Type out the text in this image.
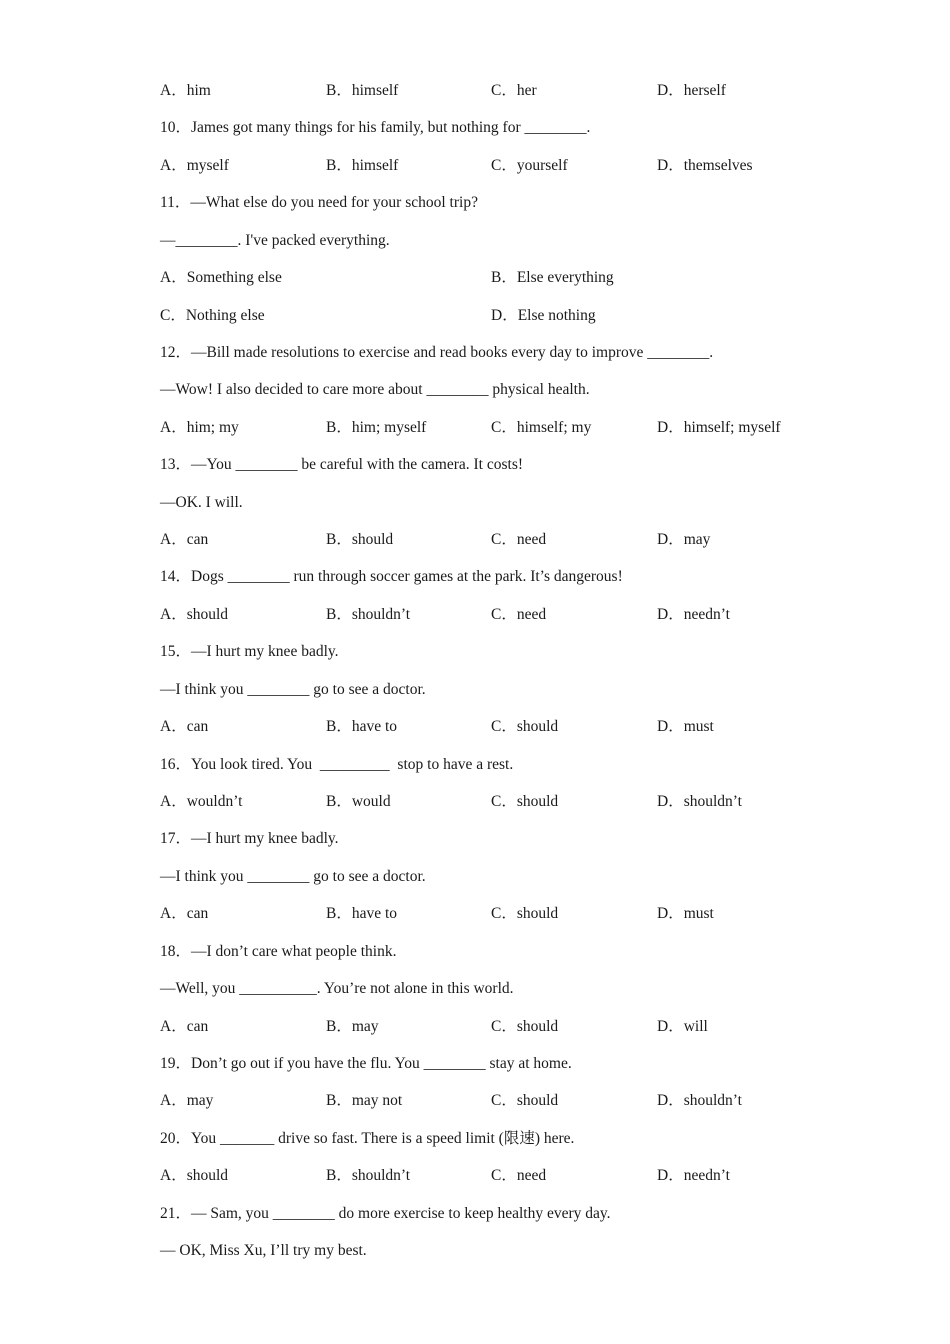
A．him	B．himself	C．her	D．herself
10．James got many things for his family, but nothing for ________.
A．myself	B．himself	C．yourself	D．themselves
11．—What else do you need for your school trip?
—________. I've packed everything.
A．Something else	B．Else everything
C．Nothing else	D．Else nothing
12．—Bill made resolutions to exercise and read books every day to improve ________.
—Wow! I also decided to care more about ________ physical health.
A．him; my	B．him; myself	C．himself; my	D．himself; myself
13．—You ________ be careful with the camera. It costs!
—OK. I will.
A．can	B．should	C．need	D．may
14．Dogs ________ run through soccer games at the park. It’s dangerous!
A．should	B．shouldn’t	C．need	D．needn’t
15．—I hurt my knee badly.
—I think you ________ go to see a doctor.
A．can	B．have to	C．should	D．must
16．You look tired. You  _________  stop to have a rest.
A．wouldn’t	B．would	C．should	D．shouldn’t
17．—I hurt my knee badly.
—I think you ________ go to see a doctor.
A．can	B．have to	C．should	D．must
18．—I don’t care what people think.
—Well, you __________. You’re not alone in this world.
A．can	B．may	C．should	D．will
19．Don’t go out if you have the flu. You ________ stay at home.
A．may	B．may not	C．should	D．shouldn’t
20．You _______ drive so fast. There is a speed limit (限速) here.
A．should	B．shouldn’t	C．need	D．needn’t
21．— Sam, you ________ do more exercise to keep healthy every day.
— OK, Miss Xu, I’ll try my best.
